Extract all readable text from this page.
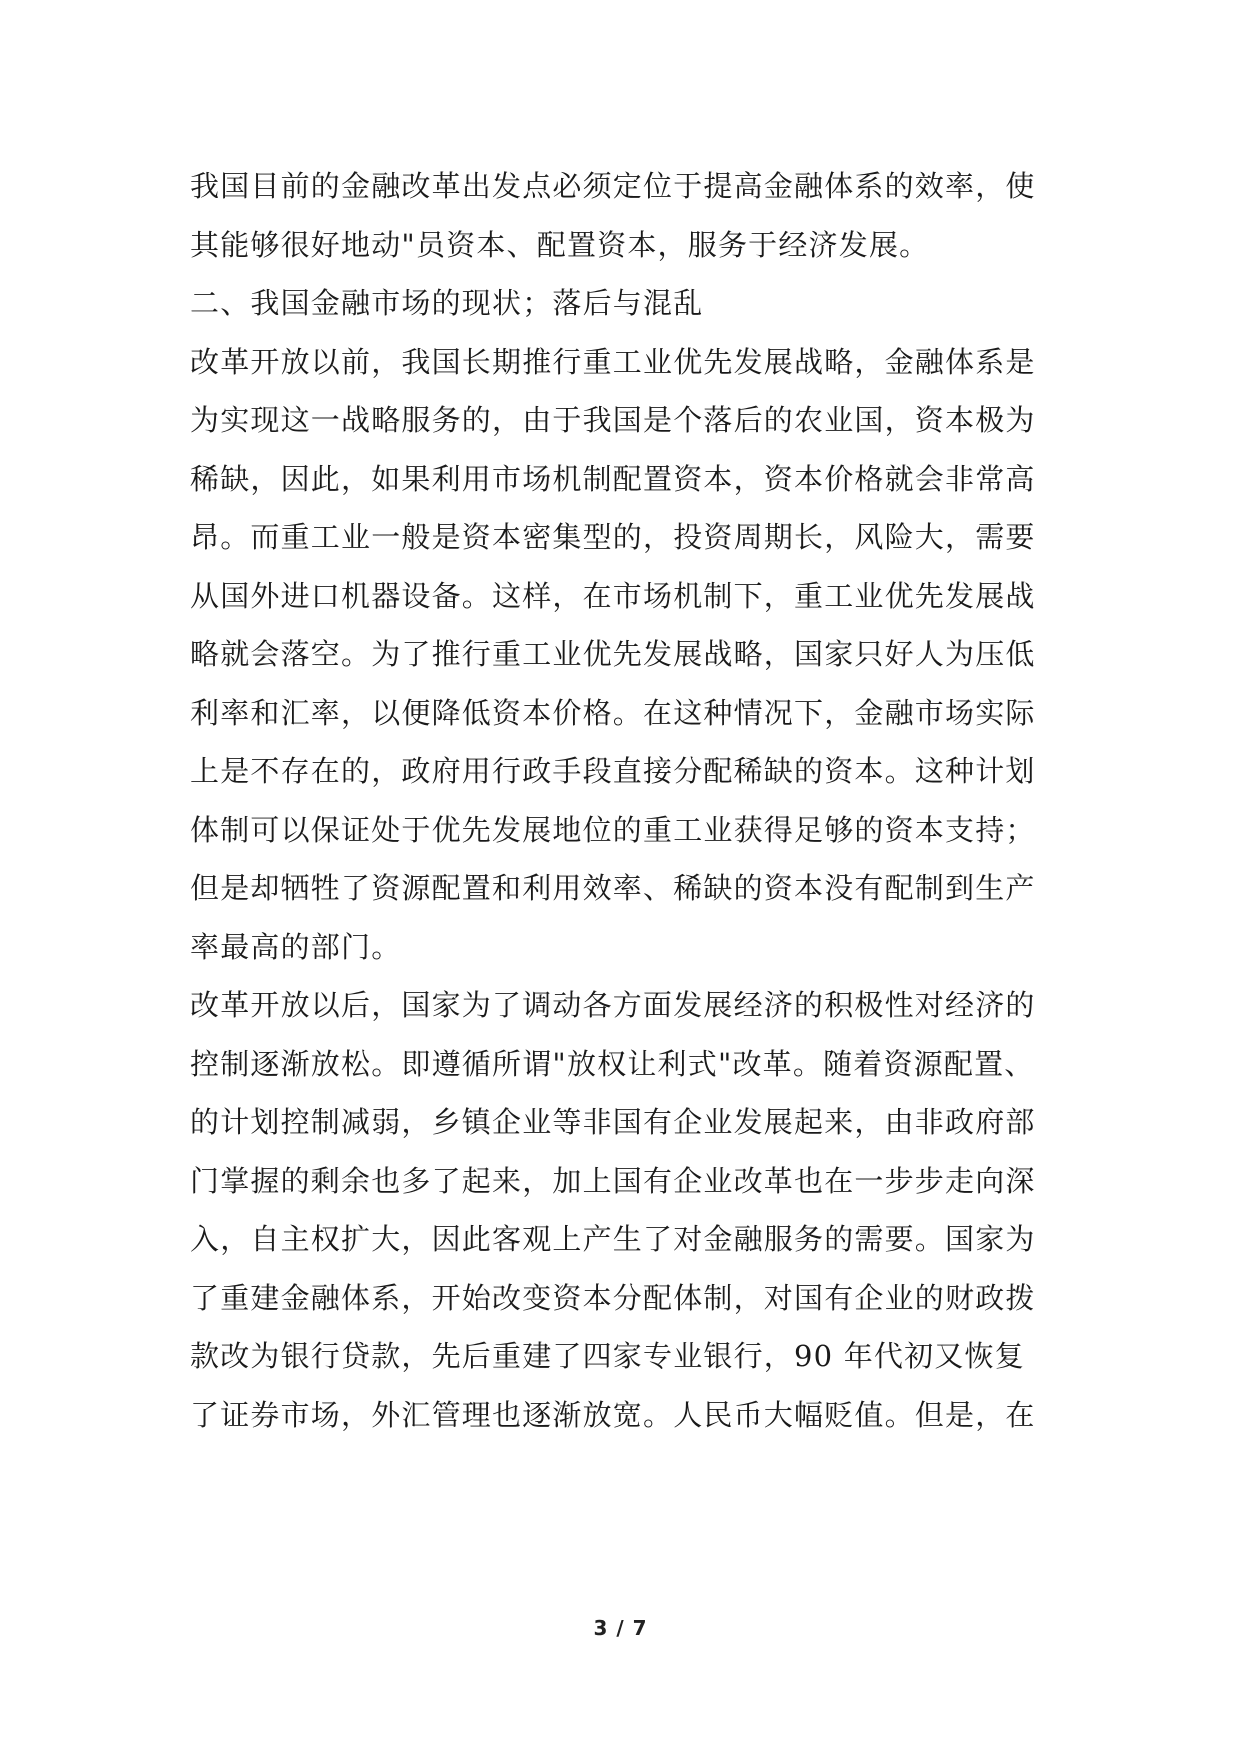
我国目前的金融改革出发点必须定位于提高金融体系的效率，使
其能够很好地动"员资本、配置资本，服务于经济发展。
二、我国金融市场的现状；落后与混乱
改革开放以前，我国长期推行重工业优先发展战略，金融体系是
为实现这一战略服务的，由于我国是个落后的农业国，资本极为
稀缺，因此，如果利用市场机制配置资本，资本价格就会非常高
昂。而重工业一般是资本密集型的，投资周期长，风险大，需要
从国外进口机器设备。这样，在市场机制下，重工业优先发展战
略就会落空。为了推行重工业优先发展战略，国家只好人为压低
利率和汇率，以便降低资本价格。在这种情况下，金融市场实际
上是不存在的，政府用行政手段直接分配稀缺的资本。这种计划
体制可以保证处于优先发展地位的重工业获得足够的资本支持；
但是却牺牲了资源配置和利用效率、稀缺的资本没有配制到生产
率最高的部门。
改革开放以后，国家为了调动各方面发展经济的积极性对经济的
控制逐渐放松。即遵循所谓"放权让利式"改革。随着资源配置、
的计划控制减弱，乡镇企业等非国有企业发展起来，由非政府部
门掌握的剩余也多了起来，加上国有企业改革也在一步步走向深
入，自主权扩大，因此客观上产生了对金融服务的需要。国家为
了重建金融体系，开始改变资本分配体制，对国有企业的财政拨
款改为银行贷款，先后重建了四家专业银行，90 年代初又恢复
了证券市场，外汇管理也逐渐放宽。人民币大幅贬值。但是，在
3 / 7
